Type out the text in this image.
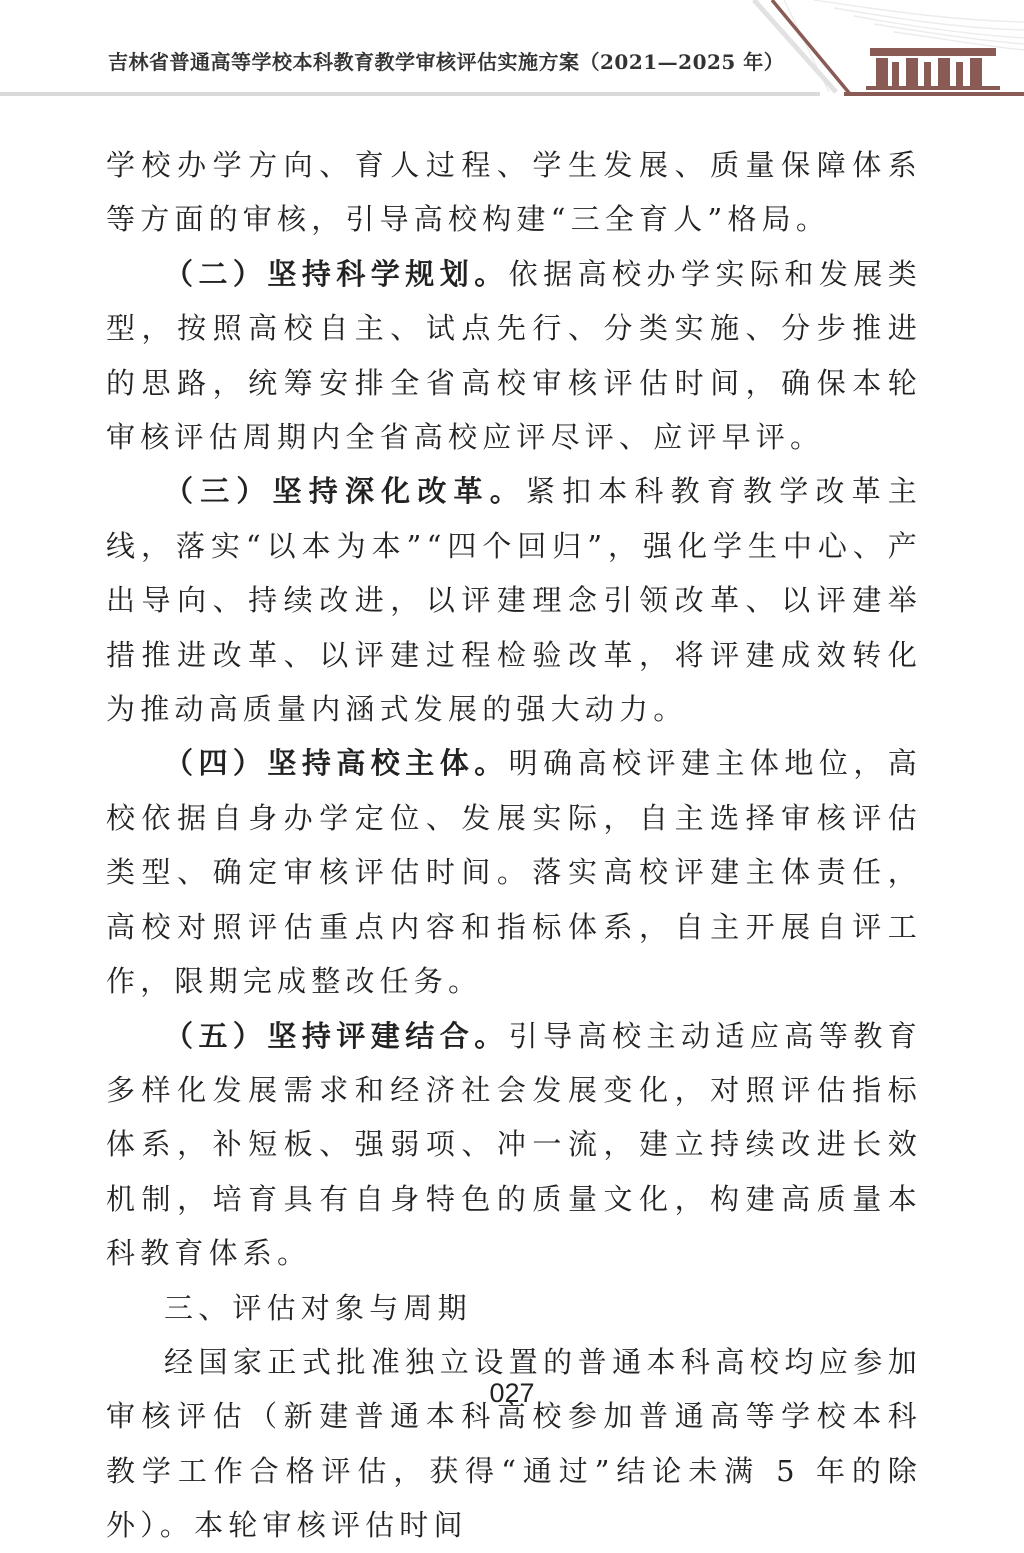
吉林省普通高等学校本科教育教学审核评估实施方案（2021—2025 年）

学校办学方向、育人过程、学生发展、质量保障体系等方面的审核，引导高校构建“三全育人”格局。

（二）坚持科学规划。依据高校办学实际和发展类型，按照高校自主、试点先行、分类实施、分步推进的思路，统筹安排全省高校审核评估时间，确保本轮审核评估周期内全省高校应评尽评、应评早评。

（三）坚持深化改革。紧扣本科教育教学改革主线，落实“以本为本”“四个回归”，强化学生中心、产出导向、持续改进，以评建理念引领改革、以评建举措推进改革、以评建过程检验改革，将评建成效转化为推动高质量内涵式发展的强大动力。

（四）坚持高校主体。明确高校评建主体地位，高校依据自身办学定位、发展实际，自主选择审核评估类型、确定审核评估时间。落实高校评建主体责任，高校对照评估重点内容和指标体系，自主开展自评工作，限期完成整改任务。

（五）坚持评建结合。引导高校主动适应高等教育多样化发展需求和经济社会发展变化，对照评估指标体系，补短板、强弱项、冲一流，建立持续改进长效机制，培育具有自身特色的质量文化，构建高质量本科教育体系。

三、评估对象与周期

经国家正式批准独立设置的普通本科高校均应参加审核评估（新建普通本科高校参加普通高等学校本科教学工作合格评估，获得“通过”结论未满 5 年的除外）。本轮审核评估时间

027
